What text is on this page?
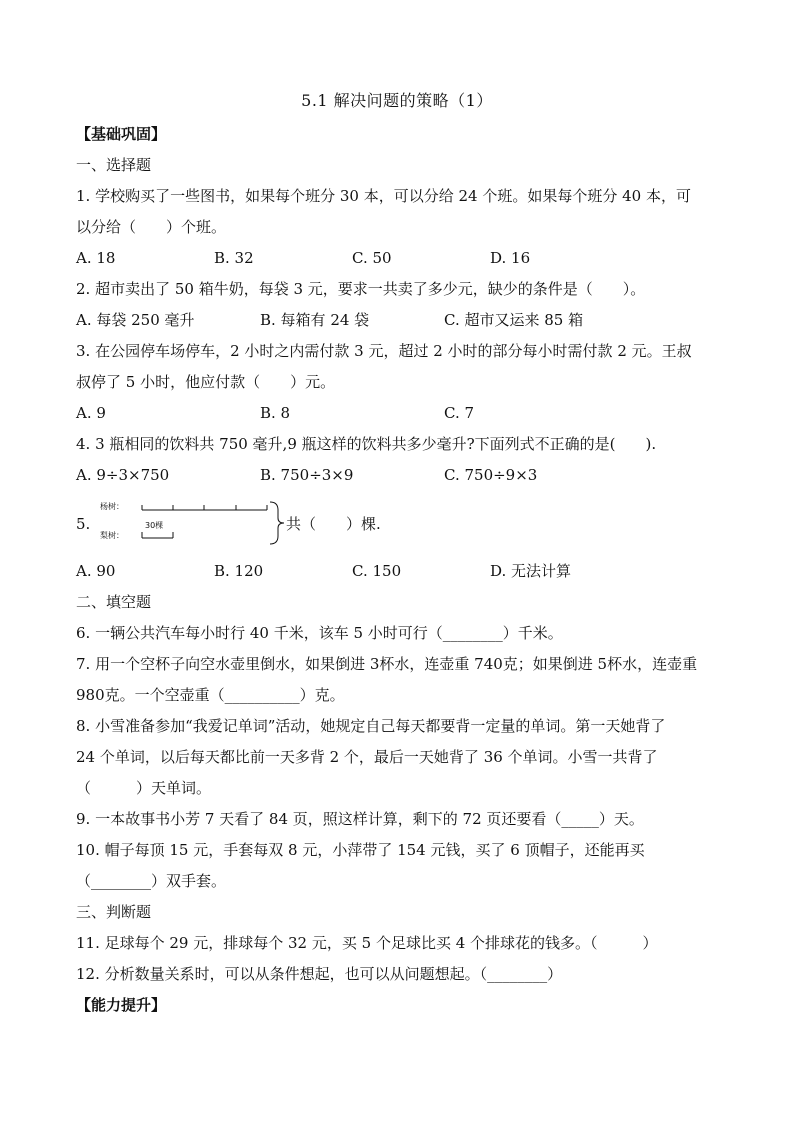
5.1 解决问题的策略（1）
【基础巩固】
一、选择题
1. 学校购买了一些图书，如果每个班分 30 本，可以分给 24 个班。如果每个班分 40 本，可
以分给（　　）个班。
A. 18	B. 32	C. 50	D. 16
2. 超市卖出了 50 箱牛奶，每袋 3 元，要求一共卖了多少元，缺少的条件是（　　）。
A. 每袋 250 毫升	B. 每箱有 24 袋	C. 超市又运来 85 箱
3. 在公园停车场停车，2 小时之内需付款 3 元，超过 2 小时的部分每小时需付款 2 元。王叔
叔停了 5 小时，他应付款（　　）元。
A. 9	B. 8	C. 7
4. 3 瓶相同的饮料共 750 毫升,9 瓶这样的饮料共多少毫升?下面列式不正确的是(　　).
A. 9÷3×750	B. 750÷3×9	C. 750÷9×3
5.
杨树：
梨树：
30棵	共（　　）棵.
A. 90	B. 120	C. 150	D. 无法计算
二、填空题
6. 一辆公共汽车每小时行 40 千米，该车 5 小时可行（________）千米。
7. 用一个空杯子向空水壶里倒水，如果倒进 3杯水，连壶重 740克；如果倒进 5杯水，连壶重
980克。一个空壶重（__________）克。
8. 小雪准备参加“我爱记单词”活动，她规定自己每天都要背一定量的单词。第一天她背了
24 个单词，以后每天都比前一天多背 2 个，最后一天她背了 36 个单词。小雪一共背了
（　　　）天单词。
9. 一本故事书小芳 7 天看了 84 页，照这样计算，剩下的 72 页还要看（_____）天。
10. 帽子每顶 15 元，手套每双 8 元，小萍带了 154 元钱，买了 6 顶帽子，还能再买
（________）双手套。
三、判断题
11. 足球每个 29 元，排球每个 32 元，买 5 个足球比买 4 个排球花的钱多。（　　　）
12. 分析数量关系时，可以从条件想起，也可以从问题想起。（________）
【能力提升】
